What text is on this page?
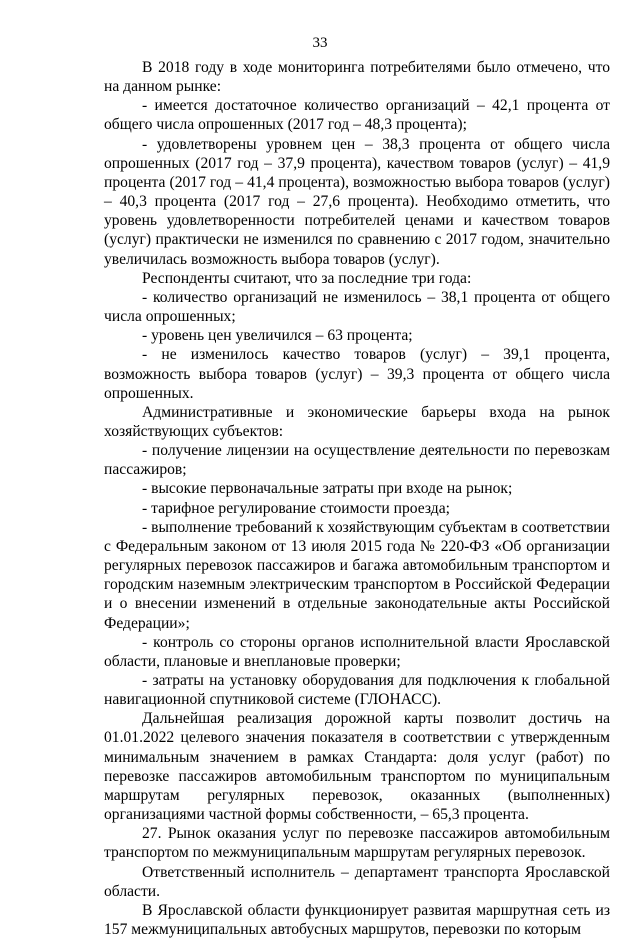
33

В 2018 году в ходе мониторинга потребителями было отмечено, что на данном рынке:

- имеется достаточное количество организаций – 42,1 процента от общего числа опрошенных (2017 год – 48,3 процента);

- удовлетворены уровнем цен – 38,3 процента от общего числа опрошенных (2017 год – 37,9 процента), качеством товаров (услуг) – 41,9 процента (2017 год – 41,4 процента), возможностью выбора товаров (услуг) – 40,3 процента (2017 год – 27,6 процента). Необходимо отметить, что уровень удовлетворенности потребителей ценами и качеством товаров (услуг) практически не изменился по сравнению с 2017 годом, значительно увеличилась возможность выбора товаров (услуг).

Респонденты считают, что за последние три года:

- количество организаций не изменилось – 38,1 процента от общего числа опрошенных;

- уровень цен увеличился – 63 процента;

- не изменилось качество товаров (услуг) – 39,1 процента, возможность выбора товаров (услуг) – 39,3 процента от общего числа опрошенных.

Административные и экономические барьеры входа на рынок хозяйствующих субъектов:

- получение лицензии на осуществление деятельности по перевозкам пассажиров;

- высокие первоначальные затраты при входе на рынок;

- тарифное регулирование стоимости проезда;

- выполнение требований к хозяйствующим субъектам в соответствии с Федеральным законом от 13 июля 2015 года № 220-ФЗ «Об организации регулярных перевозок пассажиров и багажа автомобильным транспортом и городским наземным электрическим транспортом в Российской Федерации и о внесении изменений в отдельные законодательные акты Российской Федерации»;

- контроль со стороны органов исполнительной власти Ярославской области, плановые и внеплановые проверки;

- затраты на установку оборудования для подключения к глобальной навигационной спутниковой системе (ГЛОНАСС).

Дальнейшая реализация дорожной карты позволит достичь на 01.01.2022 целевого значения показателя в соответствии с утвержденным минимальным значением в рамках Стандарта: доля услуг (работ) по перевозке пассажиров автомобильным транспортом по муниципальным маршрутам регулярных перевозок, оказанных (выполненных) организациями частной формы собственности, – 65,3 процента.

27. Рынок оказания услуг по перевозке пассажиров автомобильным транспортом по межмуниципальным маршрутам регулярных перевозок.

Ответственный исполнитель – департамент транспорта Ярославской области.

В Ярославской области функционирует развитая маршрутная сеть из 157 межмуниципальных автобусных маршрутов, перевозки по которым
